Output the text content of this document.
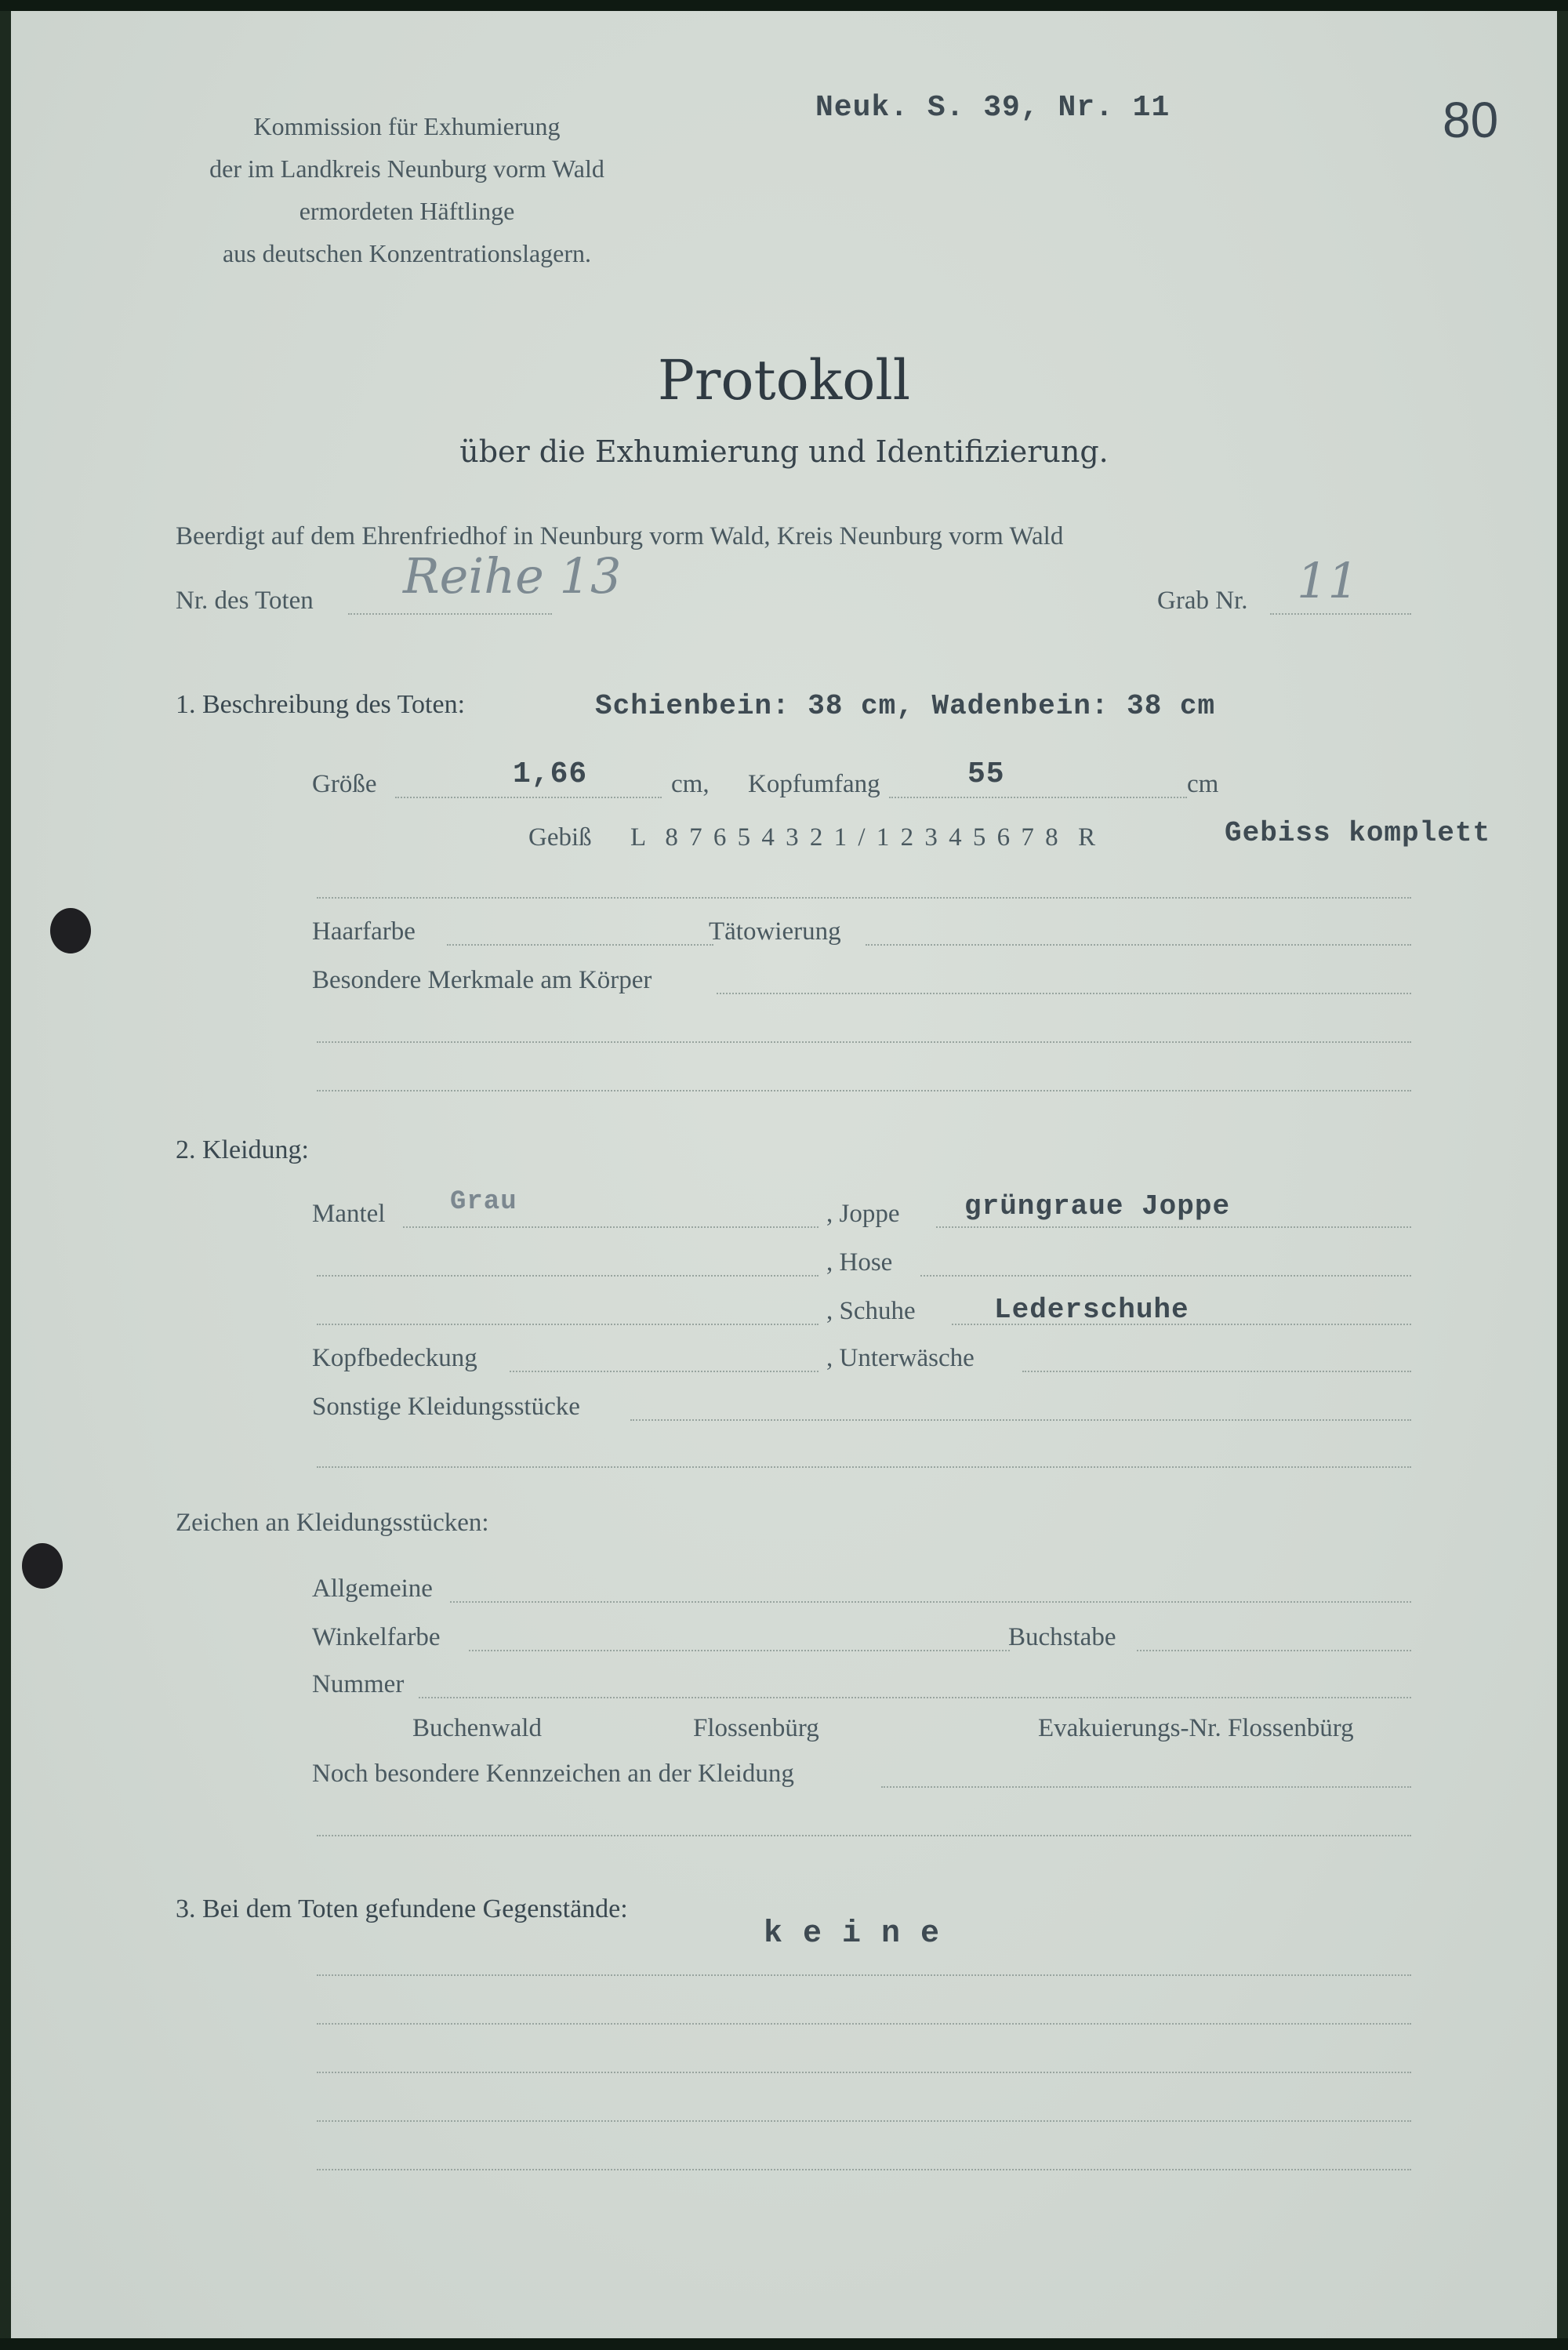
Kommission für Exhumierung
der im Landkreis Neunburg vorm Wald
ermordeten Häftlinge
aus deutschen Konzentrationslagern.
Neuk. S. 39, Nr. 11	80
Protokoll
über die Exhumierung und Identifizierung.
Beerdigt auf dem Ehrenfriedhof in Neunburg vorm Wald, Kreis Neunburg vorm Wald
Nr. des Toten Reihe 13	Grab Nr. 11
1. Beschreibung des Toten:	Schienbein: 38 cm, Wadenbein: 38 cm
Größe	1,66	cm, Kopfumfang	55	cm
Gebiß L  8 7 6 5 4 3 2 1 / 1 2 3 4 5 6 7 8  R	Gebiss komplett
Haarfarbe	Tätowierung
Besondere Merkmale am Körper
2. Kleidung:
Mantel Grau	, Joppe grüngraue Joppe
, Hose
, Schuhe	Lederschuhe
Kopfbedeckung	, Unterwäsche
Sonstige Kleidungsstücke
Zeichen an Kleidungsstücken:
Allgemeine
Winkelfarbe	Buchstabe
Nummer
Buchenwald	Flossenbürg	Evakuierungs-Nr. Flossenbürg
Noch besondere Kennzeichen an der Kleidung
3. Bei dem Toten gefundene Gegenstände:
k e i n e
